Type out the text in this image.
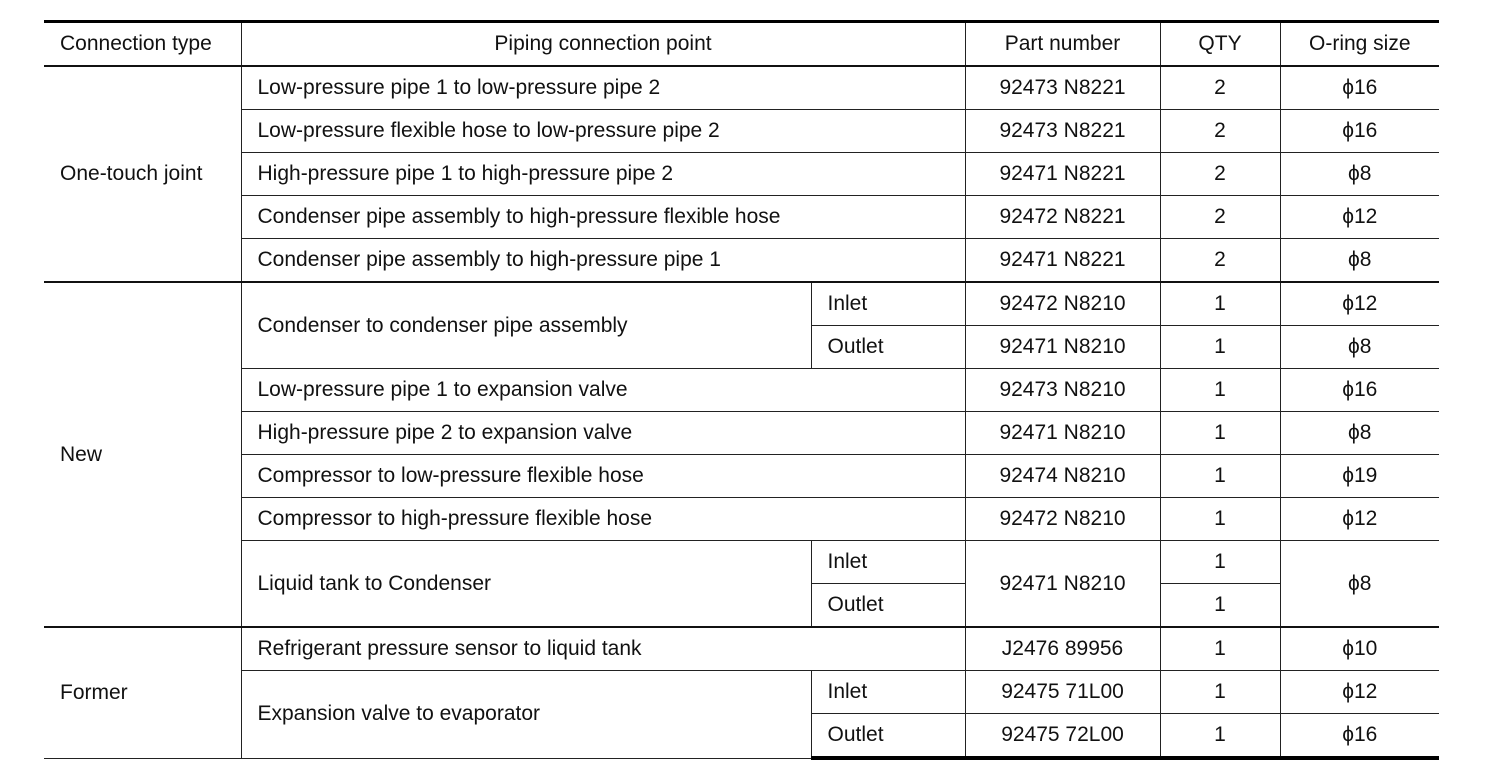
Connection type	Piping connection point		Part number	QTY	O-ring size
One-touch joint	Low-pressure pipe 1 to low-pressure pipe 2		92473 N8221	2	ϕ16
	Low-pressure flexible hose to low-pressure pipe 2		92473 N8221	2	ϕ16
	High-pressure pipe 1 to high-pressure pipe 2		92471 N8221	2	ϕ8
	Condenser pipe assembly to high-pressure flexible hose		92472 N8221	2	ϕ12
	Condenser pipe assembly to high-pressure pipe 1		92471 N8221	2	ϕ8
New	Condenser to condenser pipe assembly	Inlet	92472 N8210	1	ϕ12
		Outlet	92471 N8210	1	ϕ8
	Low-pressure pipe 1 to expansion valve		92473 N8210	1	ϕ16
	High-pressure pipe 2 to expansion valve		92471 N8210	1	ϕ8
	Compressor to low-pressure flexible hose		92474 N8210	1	ϕ19
	Compressor to high-pressure flexible hose		92472 N8210	1	ϕ12
	Liquid tank to Condenser	Inlet	92471 N8210	1	ϕ8
		Outlet		1	
Former	Refrigerant pressure sensor to liquid tank		J2476 89956	1	ϕ10
	Expansion valve to evaporator	Inlet	92475 71L00	1	ϕ12
		Outlet	92475 72L00	1	ϕ16
